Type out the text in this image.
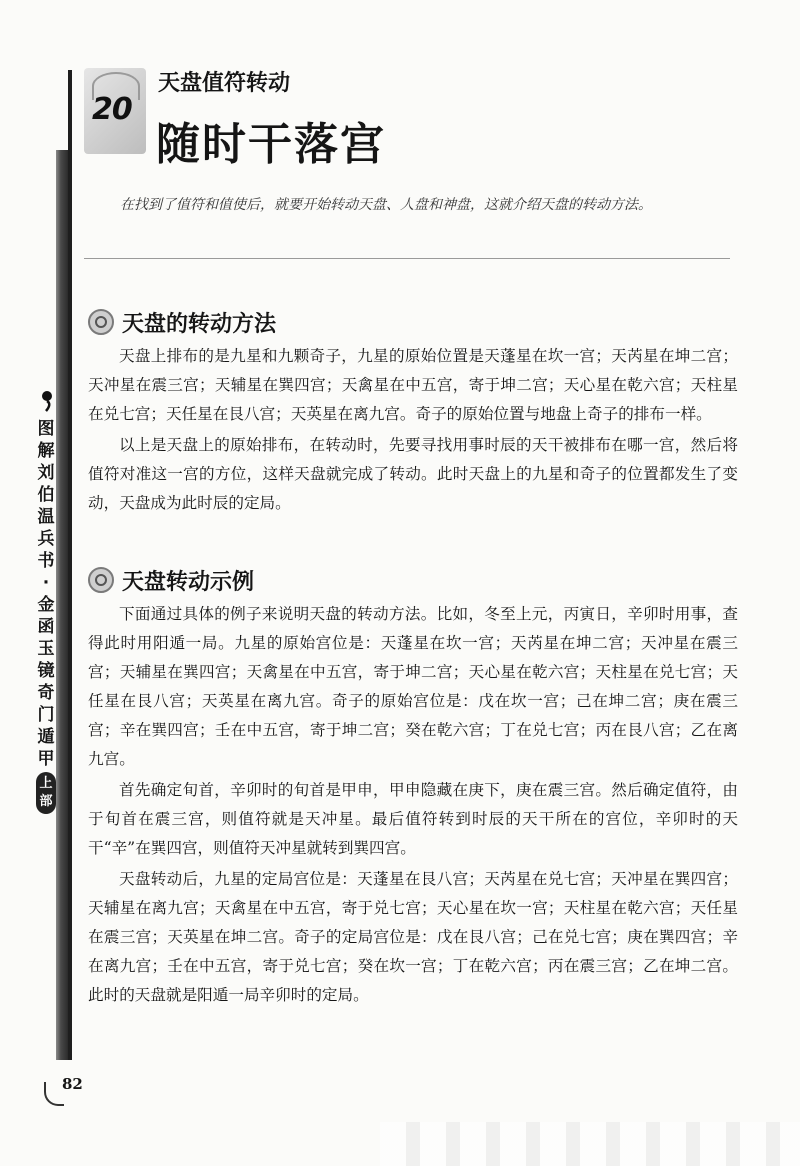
20
天盘值符转动
随时干落宫
在找到了值符和值使后，就要开始转动天盘、人盘和神盘，这就介绍天盘的转动方法。
图解刘伯温兵书·金函玉镜奇门遁甲
上部
天盘的转动方法

天盘上排布的是九星和九颗奇子，九星的原始位置是天蓬星在坎一宫；天芮星在坤二宫；天冲星在震三宫；天辅星在巽四宫；天禽星在中五宫，寄于坤二宫；天心星在乾六宫；天柱星在兑七宫；天任星在艮八宫；天英星在离九宫。奇子的原始位置与地盘上奇子的排布一样。

以上是天盘上的原始排布，在转动时，先要寻找用事时辰的天干被排布在哪一宫，然后将值符对准这一宫的方位，这样天盘就完成了转动。此时天盘上的九星和奇子的位置都发生了变动，天盘成为此时辰的定局。

天盘转动示例

下面通过具体的例子来说明天盘的转动方法。比如，冬至上元，丙寅日，辛卯时用事，查得此时用阳遁一局。九星的原始宫位是：天蓬星在坎一宫；天芮星在坤二宫；天冲星在震三宫；天辅星在巽四宫；天禽星在中五宫，寄于坤二宫；天心星在乾六宫；天柱星在兑七宫；天任星在艮八宫；天英星在离九宫。奇子的原始宫位是：戊在坎一宫；己在坤二宫；庚在震三宫；辛在巽四宫；壬在中五宫，寄于坤二宫；癸在乾六宫；丁在兑七宫；丙在艮八宫；乙在离九宫。

首先确定旬首，辛卯时的旬首是甲申，甲申隐藏在庚下，庚在震三宫。然后确定值符，由于旬首在震三宫，则值符就是天冲星。最后值符转到时辰的天干所在的宫位，辛卯时的天干“辛”在巽四宫，则值符天冲星就转到巽四宫。

天盘转动后，九星的定局宫位是：天蓬星在艮八宫；天芮星在兑七宫；天冲星在巽四宫；天辅星在离九宫；天禽星在中五宫，寄于兑七宫；天心星在坎一宫；天柱星在乾六宫；天任星在震三宫；天英星在坤二宫。奇子的定局宫位是：戊在艮八宫；己在兑七宫；庚在巽四宫；辛在离九宫；壬在中五宫，寄于兑七宫；癸在坎一宫；丁在乾六宫；丙在震三宫；乙在坤二宫。此时的天盘就是阳遁一局辛卯时的定局。

82
